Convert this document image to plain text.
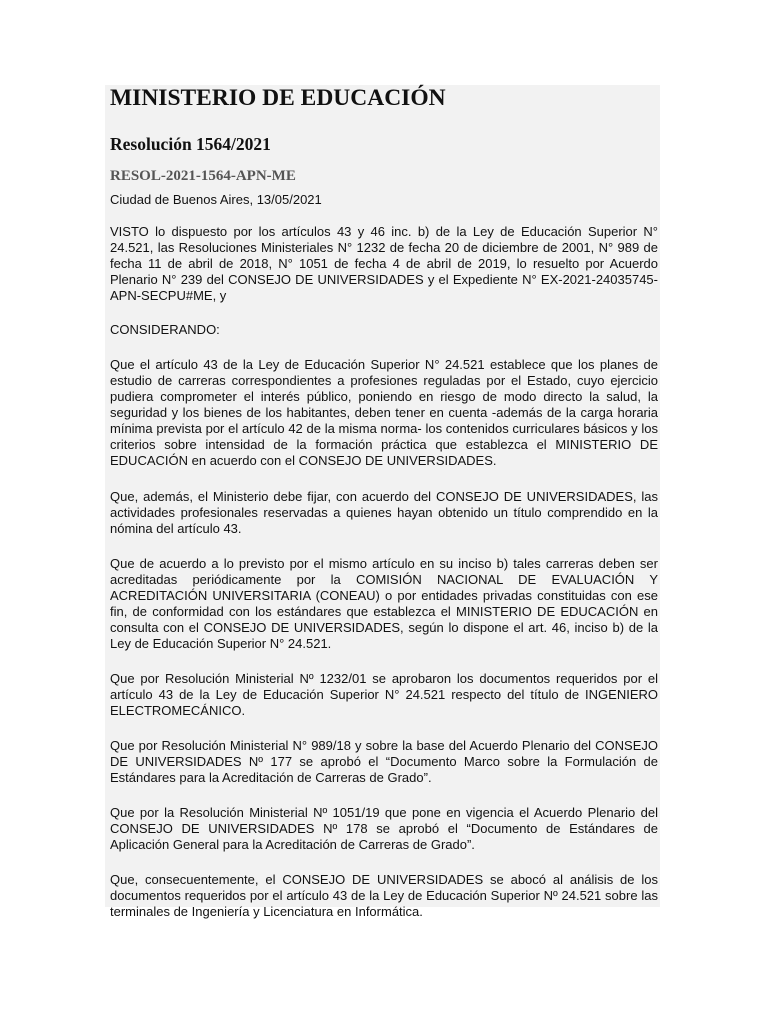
MINISTERIO DE EDUCACIÓN
Resolución 1564/2021
RESOL-2021-1564-APN-ME

Ciudad de Buenos Aires, 13/05/2021

VISTO lo dispuesto por los artículos 43 y 46 inc. b) de la Ley de Educación Superior N° 24.521, las Resoluciones Ministeriales N° 1232 de fecha 20 de diciembre de 2001, N° 989 de fecha 11 de abril de 2018, N° 1051 de fecha 4 de abril de 2019, lo resuelto por Acuerdo Plenario N° 239 del CONSEJO DE UNIVERSIDADES y el Expediente N° EX-2021-24035745-APN-SECPU#ME, y

CONSIDERANDO:

Que el artículo 43 de la Ley de Educación Superior N° 24.521 establece que los planes de estudio de carreras correspondientes a profesiones reguladas por el Estado, cuyo ejercicio pudiera comprometer el interés público, poniendo en riesgo de modo directo la salud, la seguridad y los bienes de los habitantes, deben tener en cuenta -además de la carga horaria mínima prevista por el artículo 42 de la misma norma- los contenidos curriculares básicos y los criterios sobre intensidad de la formación práctica que establezca el MINISTERIO DE EDUCACIÓN en acuerdo con el CONSEJO DE UNIVERSIDADES.

Que, además, el Ministerio debe fijar, con acuerdo del CONSEJO DE UNIVERSIDADES, las actividades profesionales reservadas a quienes hayan obtenido un título comprendido en la nómina del artículo 43.

Que de acuerdo a lo previsto por el mismo artículo en su inciso b) tales carreras deben ser acreditadas periódicamente por la COMISIÓN NACIONAL DE EVALUACIÓN Y ACREDITACIÓN UNIVERSITARIA (CONEAU) o por entidades privadas constituidas con ese fin, de conformidad con los estándares que establezca el MINISTERIO DE EDUCACIÓN en consulta con el CONSEJO DE UNIVERSIDADES, según lo dispone el art. 46, inciso b) de la Ley de Educación Superior N° 24.521.

Que por Resolución Ministerial Nº 1232/01 se aprobaron los documentos requeridos por el artículo 43 de la Ley de Educación Superior N° 24.521 respecto del título de INGENIERO ELECTROMECÁNICO.

Que por Resolución Ministerial N° 989/18 y sobre la base del Acuerdo Plenario del CONSEJO DE UNIVERSIDADES Nº 177 se aprobó el “Documento Marco sobre la Formulación de Estándares para la Acreditación de Carreras de Grado”.

Que por la Resolución Ministerial Nº 1051/19 que pone en vigencia el Acuerdo Plenario del CONSEJO DE UNIVERSIDADES Nº 178 se aprobó el “Documento de Estándares de Aplicación General para la Acreditación de Carreras de Grado”.

Que, consecuentemente, el CONSEJO DE UNIVERSIDADES se abocó al análisis de los documentos requeridos por el artículo 43 de la Ley de Educación Superior Nº 24.521 sobre las terminales de Ingeniería y Licenciatura en Informática.
